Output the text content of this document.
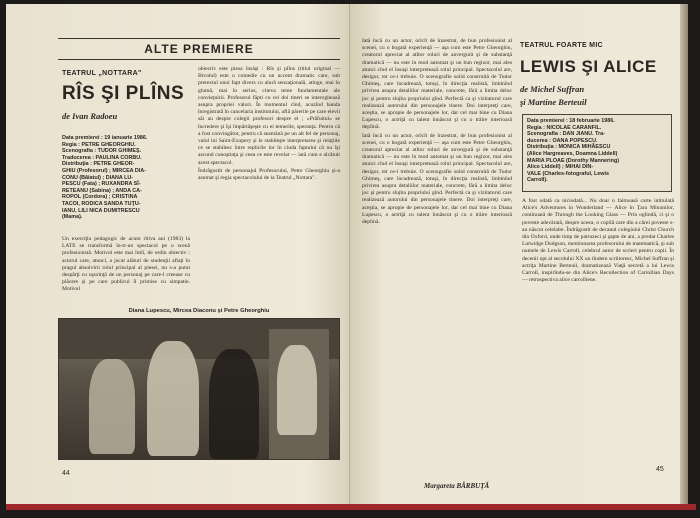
ALTE PREMIERE
TEATRUL „NOTTARA"
RÎS ŞI PLÎNS
de Ivan Radoeu
Data premierei : 19 ianuarie 1986.
Regia : PETRE GHEORGHIU.
Scenografia : TUDOR GHIMEŞ.
Traducerea : PAULINA CORBU.
Distribuţia : PETRE GHEOR-
GHIU (Profesorul) ; MIRCEA DIA-
CONU (Băiatul) ; DIANA LU-
PESCU (Fata) ; RUXANDRA SÎ-
RETEANU (Sabina) ; ANDA CA-
ROPOL (Cordora) ; CRISTINA
TACOI, RODICA SANDA TUŢU-
IANU, LILI NICA DUMITRESCU
(Mama).

Un exerciţiu pedagogic de acum rîtiva ani (1983) la LATE se transformă în-tr-un spectacol pe o scenă profesionistă. Motivul este mai întîi, de ordin obiectiv : actorul care, atunci, a jucat alături de studenţii aflaţi în pragul absolvirii rolul principal al piesei, nu s-a putut despărţi cu uşurinţă de un personaj pe care-l creease cu plăcere şi pe care publicul îl primise cu simpatie. Motivul

obiectiv este piesa însăşi : Rîs şi plîns (titlul original — Bivolul) este o comedie cu un accent dramatic care, sub pretextul unui fapt divers cu alură senzaţională, atinge, mai în glumă, mai în serios, citeva teme fundamentale ale convieţuirii. Profesorul făpti cu cei doi tineri se interoghează asupra propriei valori. În momentul cînd, acuzînd banda înregistrată în cancelaria institutului, află părerile pe care elevii săi au despre colegii profesori despre el ; «Prăfuitul» se încredere şi îşi împărtăşeşte cu ei temerile, speranţa. Pentru că a fost convingător, pentru că seamănă pe un alt fel de personaj, valul lui Saint-Exupery şi le stabileşte interpretarea şi relaţiile ce se stabilesc între replicile lor în ciuda faptului că nu îşi ascund cunoştinţa şi ceea ce este revelat — iată cum e alcătuit acest spectacol.

Îndrăgostit de personajul Profesorului, Petre Gheorghiu şi-a asumat şi regia spectacolului de la Teatrul „Nottara".

Diana Lupescu, Mircea Diaconu şi Petre Gheorghiu
44

Iată încă cu un actor, orîcît de înzestrat, de bun profesionist al scenei, cu o bogată experienţă — aşa cum este Petre Gheorghiu, creatorul apreciat al atîtor roluri de anvergură şi de substanţă dramatică — nu este în mod automat şi un bun regizor, mai ales atunci cînd el însuşi interpretează rolul principal. Spectacolul are, desigur, tot ce-i trebuie. O scenografie solid construită de Tudor Ghimeş, care încadrează, totuşi, în direcţia realistă, îmbinînd privirea asupra detaliilor materiale, concrete, fără a limita deloc joc şi pentru slujba propriului gînd. Perfectă ca şi vizitatorul care realizează autorului din personajele tinere. Doi interpreţi care, aceştia, se apropie de personajele lor, dar cel mai bine cu Diana Lupescu, o actriţă cu talent înnăscut şi cu o trăire interioară deplină.

Iată încă cu un actor, orîcît de înzestrat, de bun profesionist al scenei, cu o bogată experienţă — aşa cum este Petre Gheorghiu, creatorul apreciat al atîtor roluri de anvergură şi de substanţă dramatică — nu este în mod automat şi un bun regizor, mai ales atunci cînd el însuşi interpretează rolul principal. Spectacolul are, desigur, tot ce-i trebuie. O scenografie solid construită de Tudor Ghimeş, care încadrează, totuşi, în direcţia realistă, îmbinînd privirea asupra detaliilor materiale, concrete, fără a limita deloc joc şi pentru slujba propriului gînd. Perfectă ca şi vizitatorul care realizează autorului din personajele tinere. Doi interpreţi care, aceştia, se apropie de personajele lor, dar cel mai bine cu Diana Lupescu, o actriţă cu talent înnăscut şi cu o trăire interioară deplină.

TEATRUL FOARTE MIC
LEWIS ŞI ALICE
de Michel Suffran
şi Martine Berteuil
Data premierei : 18 februarie 1986.
Regia : NICOLAE CARANFIL.
Scenografia : DAN JIANU. Tra-
ducerea : OANA POPESCU.
Distribuţia : MONICA MIHĂESCU
(Alice Hargreaves, Doamna Liddell)
MARIA PLOAE (Dorothy Mannering)
Alice Liddell) ; MIHAI DIN-
VALE (Charles-fotograful, Lewis
Carroll).

A fost odată ca niciodată... Nu doar o faimoasă carte intitulată Alice's Adventures in Wonderland — Alice în Ţara Minunilor, continuată de Through the Looking Glass — Prin oglindă, ci şi o poveste adevărată, despre aceea, o copilă care din a cărei poveste s-au născut celelalte. Îndrăgostit de decanul colegiului Christ Church din Oxford, unde timp de patruzeci şi şapte de ani, a predat Charles Lutwidge Dodgson, mentionarea profesorului de matematică, şi sub numele de Lewis Carroll, celebrul autor de scrieri pentru copii. În decenii opt al secolului XX un tîndem scriitoresc, Michel Suffran şi actriţa Martine Berteuil, dramatizează Viaţă secretă a lui Lewis Carroll, inspirîndu-se din Alice's Recollection of Carrollian Days — retrospectiva alice carrolliene.

Margareta BĂRBUŢĂ
45
